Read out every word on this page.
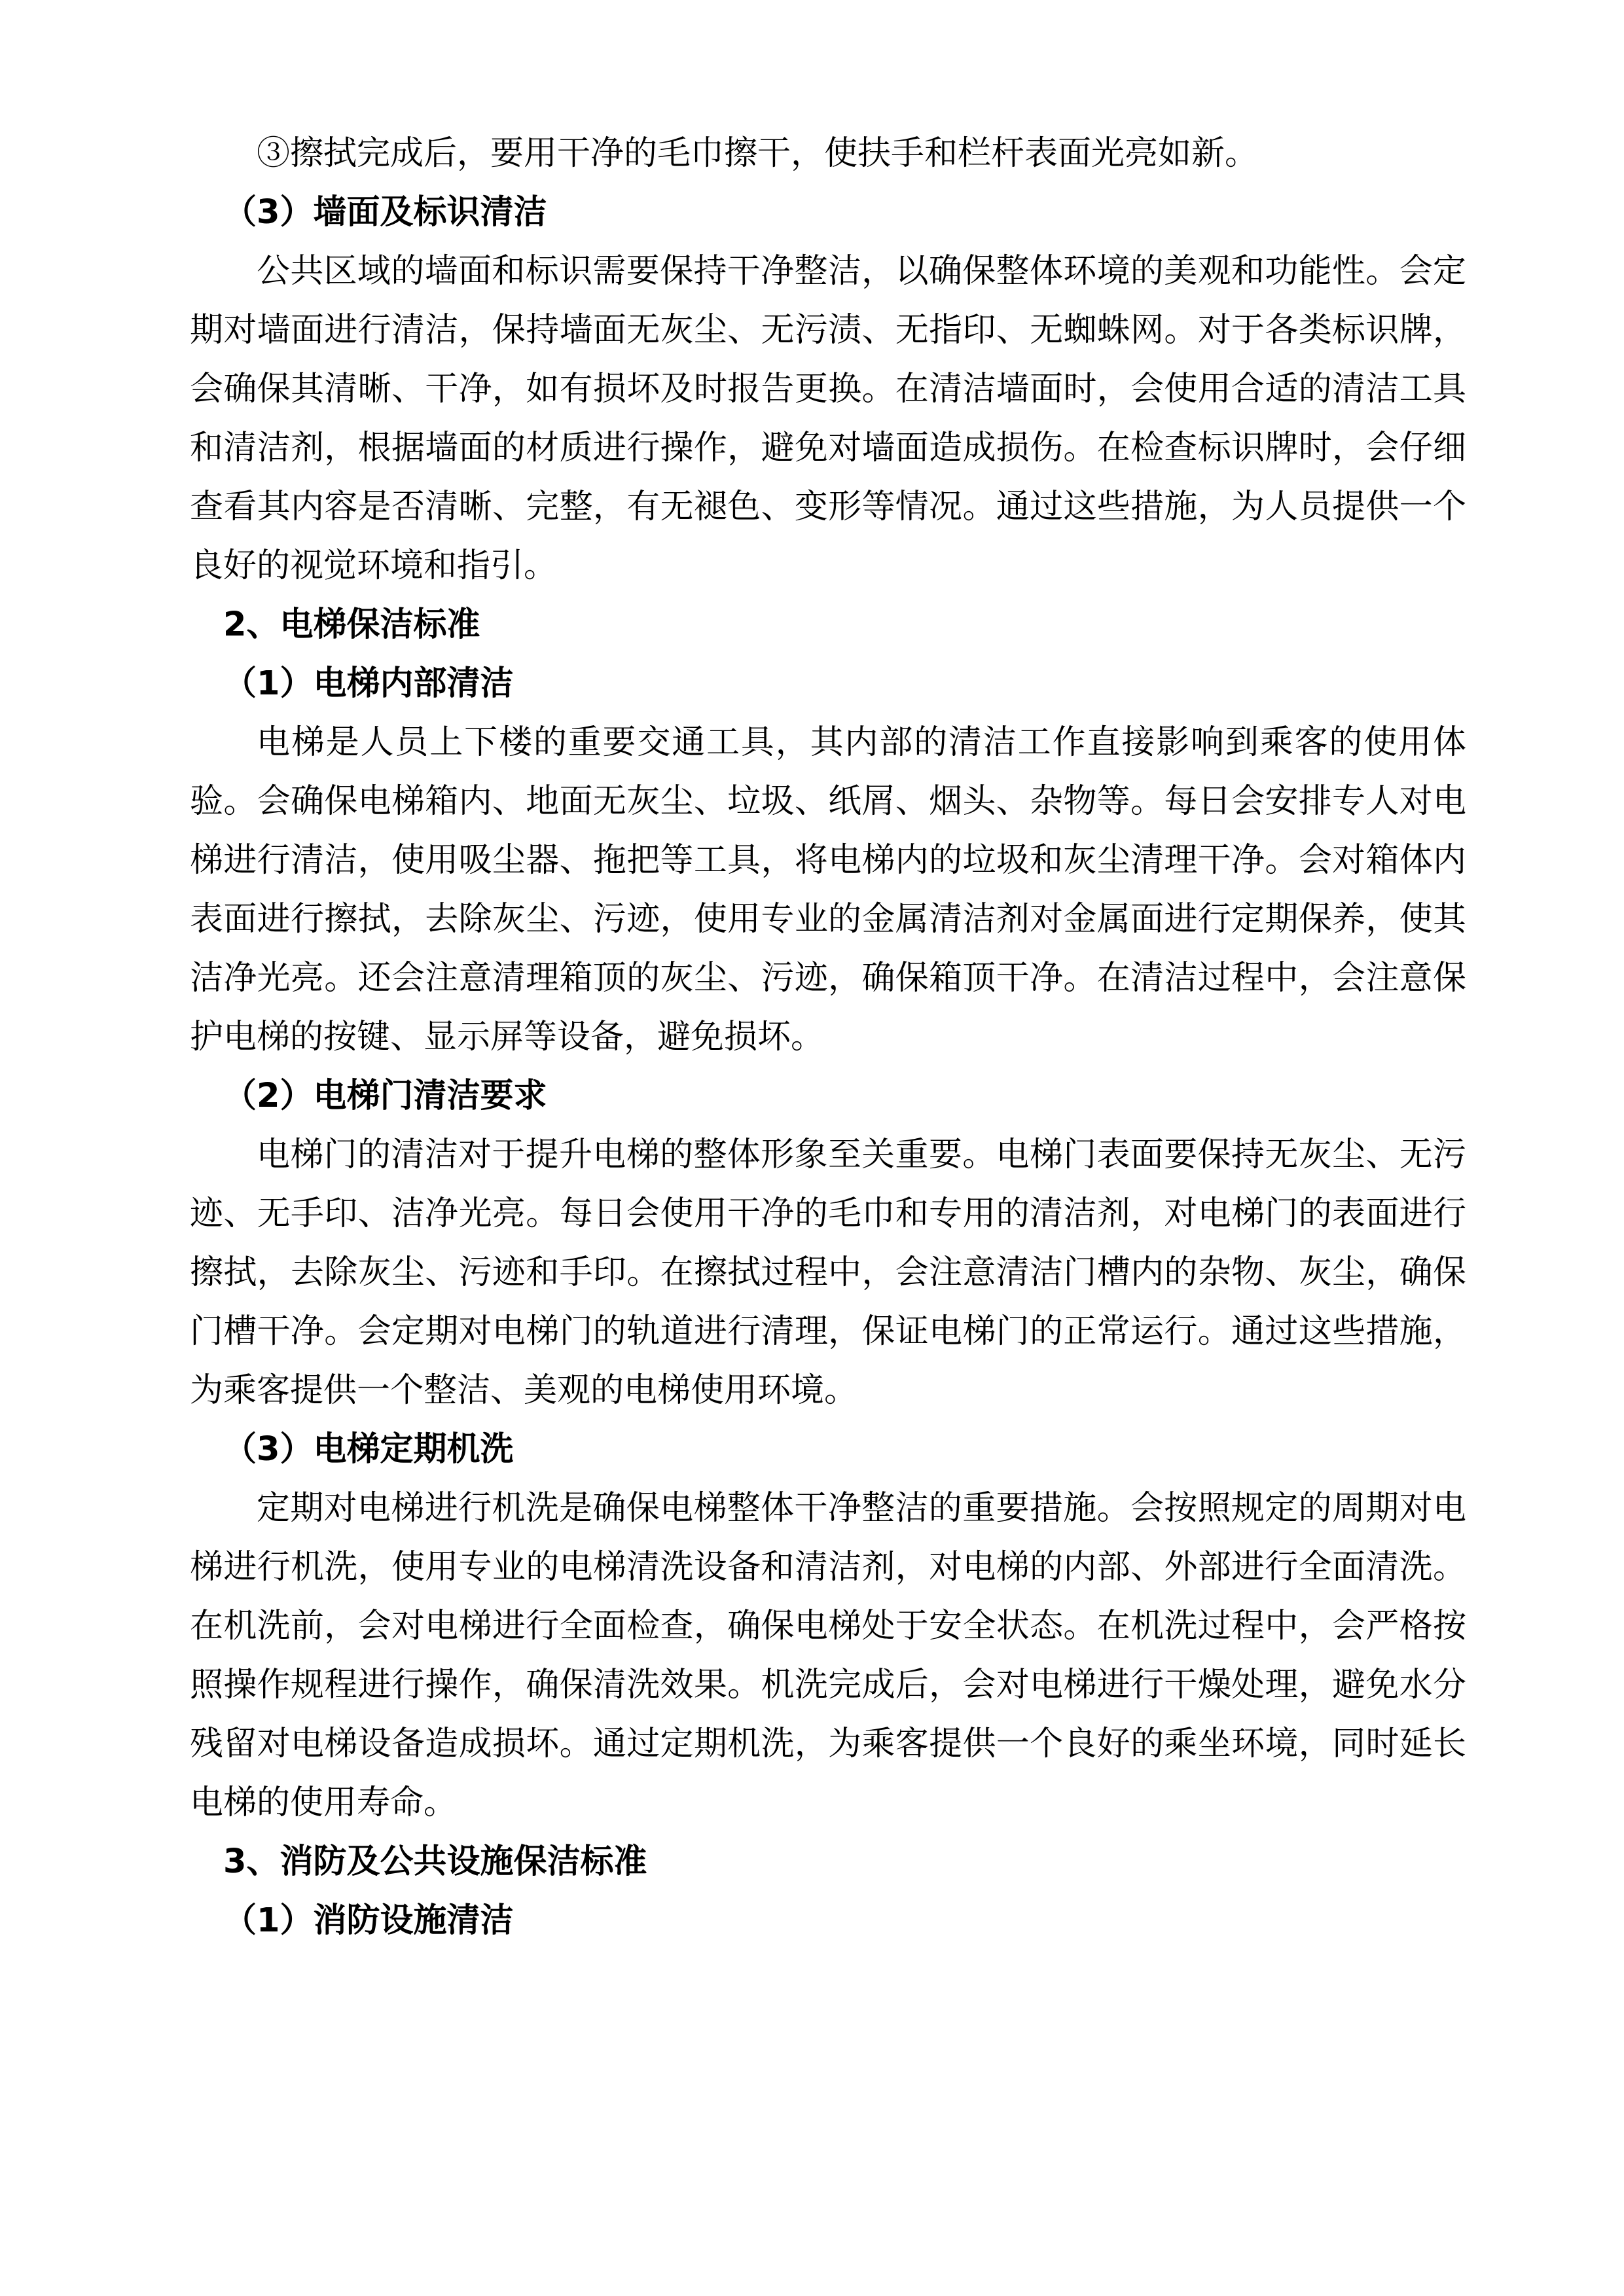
③擦拭完成后，要用干净的毛巾擦干，使扶手和栏杆表面光亮如新。

（3）墙面及标识清洁

公共区域的墙面和标识需要保持干净整洁，以确保整体环境的美观和功能性。会定期对墙面进行清洁，保持墙面无灰尘、无污渍、无指印、无蜘蛛网。对于各类标识牌，会确保其清晰、干净，如有损坏及时报告更换。在清洁墙面时，会使用合适的清洁工具和清洁剂，根据墙面的材质进行操作，避免对墙面造成损伤。在检查标识牌时，会仔细查看其内容是否清晰、完整，有无褪色、变形等情况。通过这些措施，为人员提供一个良好的视觉环境和指引。

2、电梯保洁标准
（1）电梯内部清洁

电梯是人员上下楼的重要交通工具，其内部的清洁工作直接影响到乘客的使用体验。会确保电梯箱内、地面无灰尘、垃圾、纸屑、烟头、杂物等。每日会安排专人对电梯进行清洁，使用吸尘器、拖把等工具，将电梯内的垃圾和灰尘清理干净。会对箱体内表面进行擦拭，去除灰尘、污迹，使用专业的金属清洁剂对金属面进行定期保养，使其洁净光亮。还会注意清理箱顶的灰尘、污迹，确保箱顶干净。在清洁过程中，会注意保护电梯的按键、显示屏等设备，避免损坏。

（2）电梯门清洁要求

电梯门的清洁对于提升电梯的整体形象至关重要。电梯门表面要保持无灰尘、无污迹、无手印、洁净光亮。每日会使用干净的毛巾和专用的清洁剂，对电梯门的表面进行擦拭，去除灰尘、污迹和手印。在擦拭过程中，会注意清洁门槽内的杂物、灰尘，确保门槽干净。会定期对电梯门的轨道进行清理，保证电梯门的正常运行。通过这些措施，为乘客提供一个整洁、美观的电梯使用环境。

（3）电梯定期机洗

定期对电梯进行机洗是确保电梯整体干净整洁的重要措施。会按照规定的周期对电梯进行机洗，使用专业的电梯清洗设备和清洁剂，对电梯的内部、外部进行全面清洗。在机洗前，会对电梯进行全面检查，确保电梯处于安全状态。在机洗过程中，会严格按照操作规程进行操作，确保清洗效果。机洗完成后，会对电梯进行干燥处理，避免水分残留对电梯设备造成损坏。通过定期机洗，为乘客提供一个良好的乘坐环境，同时延长电梯的使用寿命。

3、消防及公共设施保洁标准
（1）消防设施清洁
